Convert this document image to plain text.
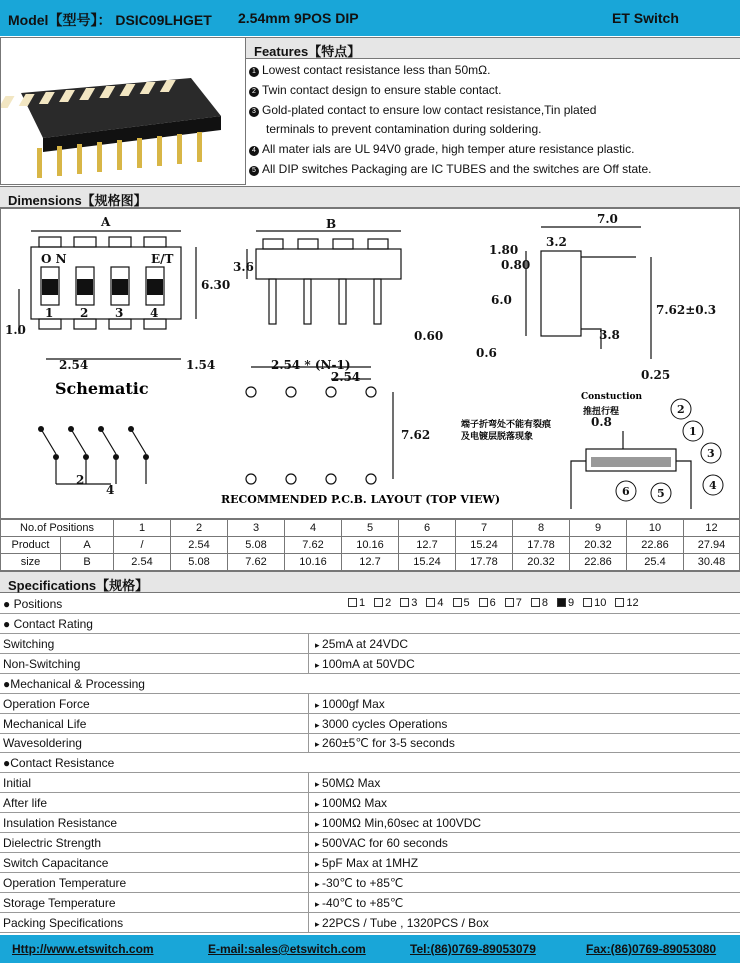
Model【型号】： DSIC09LHGET 2.54mm 9POS DIP	ET Switch
Features【特点】
1 Lowest contact resistance less than 50mΩ.
2 Twin contact design to ensure stable contact.
3 Gold-plated contact to ensure low contact resistance,Tin plated
terminals to prevent contamination during soldering.
4 All mater ials are UL 94V0 grade, high temper ature resistance plastic.
5 All DIP switches Packaging are IC TUBES and the switches are Off state.
Dimensions【规格图】
A	B
O N	E/T
1 2 3 4
2.54	1.54
6.30
1.0
3.6
0.60
2.54 * (N-1)
2.54
7.62
7.0
3.2
1.80
0.80
6.0
7.62±0.3
3.8
0.6
0.25
0.8
2
4
2
1
3
4
6 5
Schematic
RECOMMENDED P.C.B. LAYOUT (TOP VIEW)
Constuction
推扭行程
端子折弯处不能有裂痕
及电镀层脱落现象
No.of Positions		1	2	3	4	5	6	7	8	9	10	12
Product	A	/	2.54	5.08	7.62	10.16	12.7	15.24	17.78	20.32	22.86	27.94
size	B	2.54	5.08	7.62	10.16	12.7	15.24	17.78	20.32	22.86	25.4	30.48
Specifications【规格】
● Positions	1 2 3 4 5 6 7 8 9 10 12
● Contact Rating
Switching	▸ 25mA at 24VDC
Non-Switching	▸ 100mA at 50VDC
●Mechanical & Processing
Operation Force	▸ 1000gf Max
Mechanical Life	▸ 3000 cycles Operations
Wavesoldering	▸ 260±5℃ for 3-5 seconds
●Contact Resistance
Initial	▸ 50MΩ Max
After life	▸ 100MΩ Max
Insulation Resistance	▸ 100MΩ Min,60sec at 100VDC
Dielectric Strength	▸ 500VAC for 60 seconds
Switch Capacitance	▸ 5pF Max at 1MHZ
Operation Temperature	▸ -30℃ to +85℃
Storage Temperature	▸ -40℃ to +85℃
Packing Specifications	▸ 22PCS / Tube , 1320PCS / Box
Http://www.etswitch.com	E-mail:sales@etswitch.com	Tel:(86)0769-89053079	Fax:(86)0769-89053080
